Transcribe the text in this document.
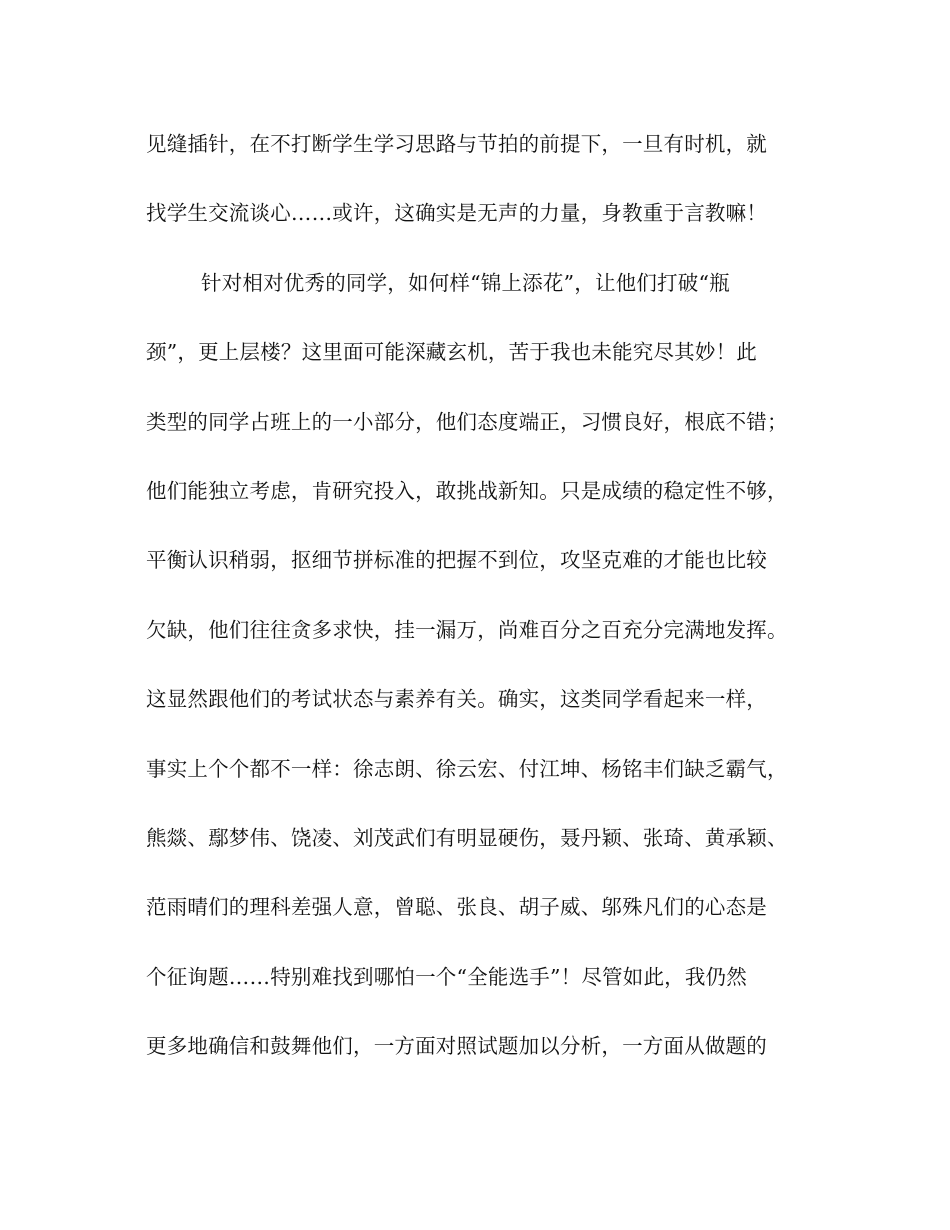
见缝插针，在不打断学生学习思路与节拍的前提下，一旦有时机，就
找学生交流谈心……或许，这确实是无声的力量，身教重于言教嘛！
针对相对优秀的同学，如何样“锦上添花”，让他们打破“瓶
颈”，更上层楼？这里面可能深藏玄机，苦于我也未能究尽其妙！此
类型的同学占班上的一小部分，他们态度端正，习惯良好，根底不错；
他们能独立考虑，肯研究投入，敢挑战新知。只是成绩的稳定性不够，
平衡认识稍弱，抠细节拼标准的把握不到位，攻坚克难的才能也比较
欠缺，他们往往贪多求快，挂一漏万，尚难百分之百充分完满地发挥。
这显然跟他们的考试状态与素养有关。确实，这类同学看起来一样，
事实上个个都不一样：徐志朗、徐云宏、付江坤、杨铭丰们缺乏霸气，
熊燚、鄢梦伟、饶凌、刘茂武们有明显硬伤，聂丹颖、张琦、黄承颖、
范雨晴们的理科差强人意，曾聪、张良、胡子威、邬殊凡们的心态是
个征询题……特别难找到哪怕一个“全能选手”！尽管如此，我仍然
更多地确信和鼓舞他们，一方面对照试题加以分析，一方面从做题的
